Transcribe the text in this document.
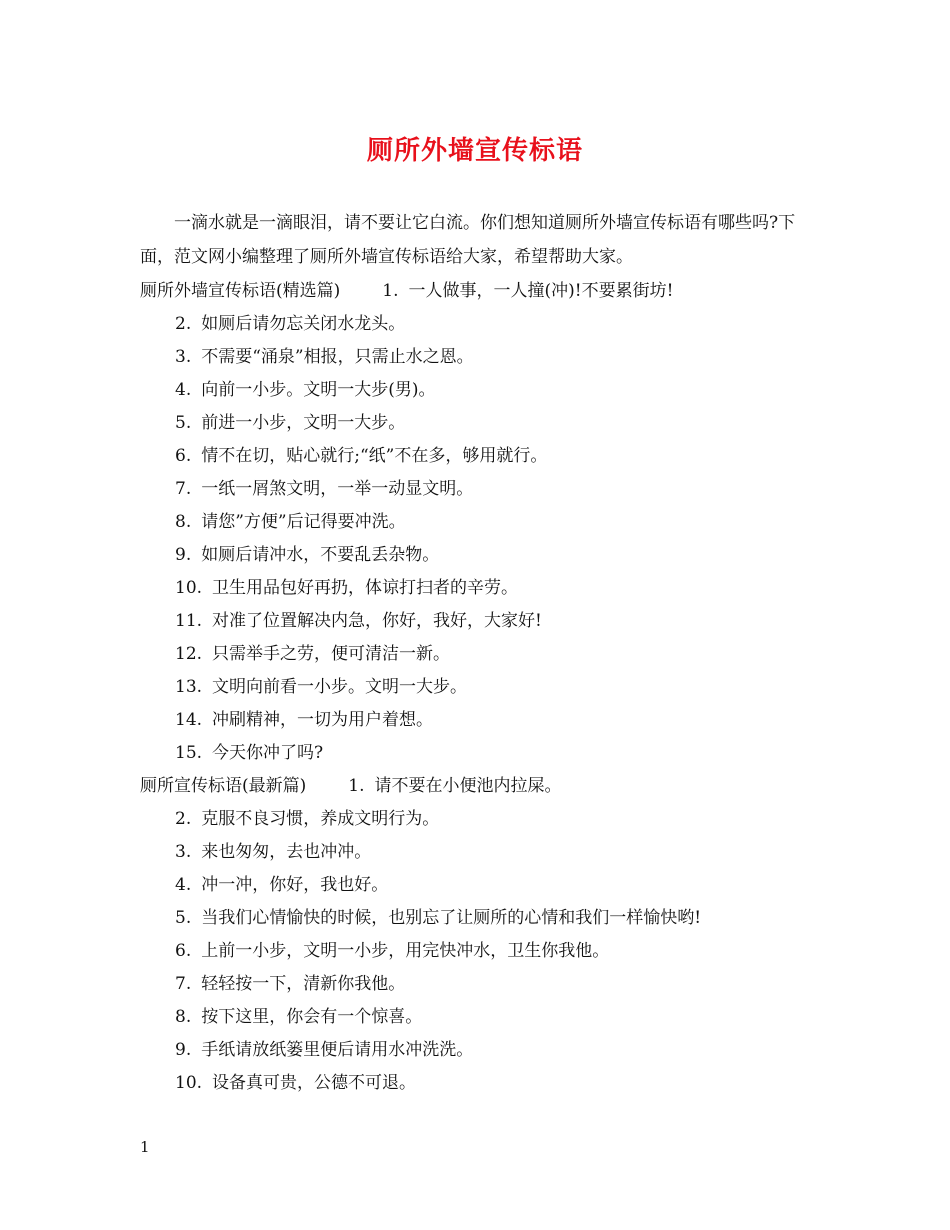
厕所外墙宣传标语
一滴水就是一滴眼泪，请不要让它白流。你们想知道厕所外墙宣传标语有哪些吗?下面，范文网小编整理了厕所外墙宣传标语给大家，希望帮助大家。
厕所外墙宣传标语(精选篇) 1. 一人做事，一人撞(冲)!不要累街坊!
2. 如厕后请勿忘关闭水龙头。
3. 不需要“涌泉”相报，只需止水之恩。
4. 向前一小步。文明一大步(男)。
5. 前进一小步，文明一大步。
6. 情不在切，贴心就行;“纸”不在多，够用就行。
7. 一纸一屑煞文明，一举一动显文明。
8. 请您”方便”后记得要冲洗。
9. 如厕后请冲水，不要乱丢杂物。
10. 卫生用品包好再扔，体谅打扫者的辛劳。
11. 对准了位置解决内急，你好，我好，大家好!
12. 只需举手之劳，便可清洁一新。
13. 文明向前看一小步。文明一大步。
14. 冲刷精神，一切为用户着想。
15. 今天你冲了吗?
厕所宣传标语(最新篇) 1. 请不要在小便池内拉屎。
2. 克服不良习惯，养成文明行为。
3. 来也匆匆，去也冲冲。
4. 冲一冲，你好，我也好。
5. 当我们心情愉快的时候，也别忘了让厕所的心情和我们一样愉快哟!
6. 上前一小步，文明一小步，用完快冲水，卫生你我他。
7. 轻轻按一下，清新你我他。
8. 按下这里，你会有一个惊喜。
9. 手纸请放纸篓里便后请用水冲洗洗。
10. 设备真可贵，公德不可退。
1
